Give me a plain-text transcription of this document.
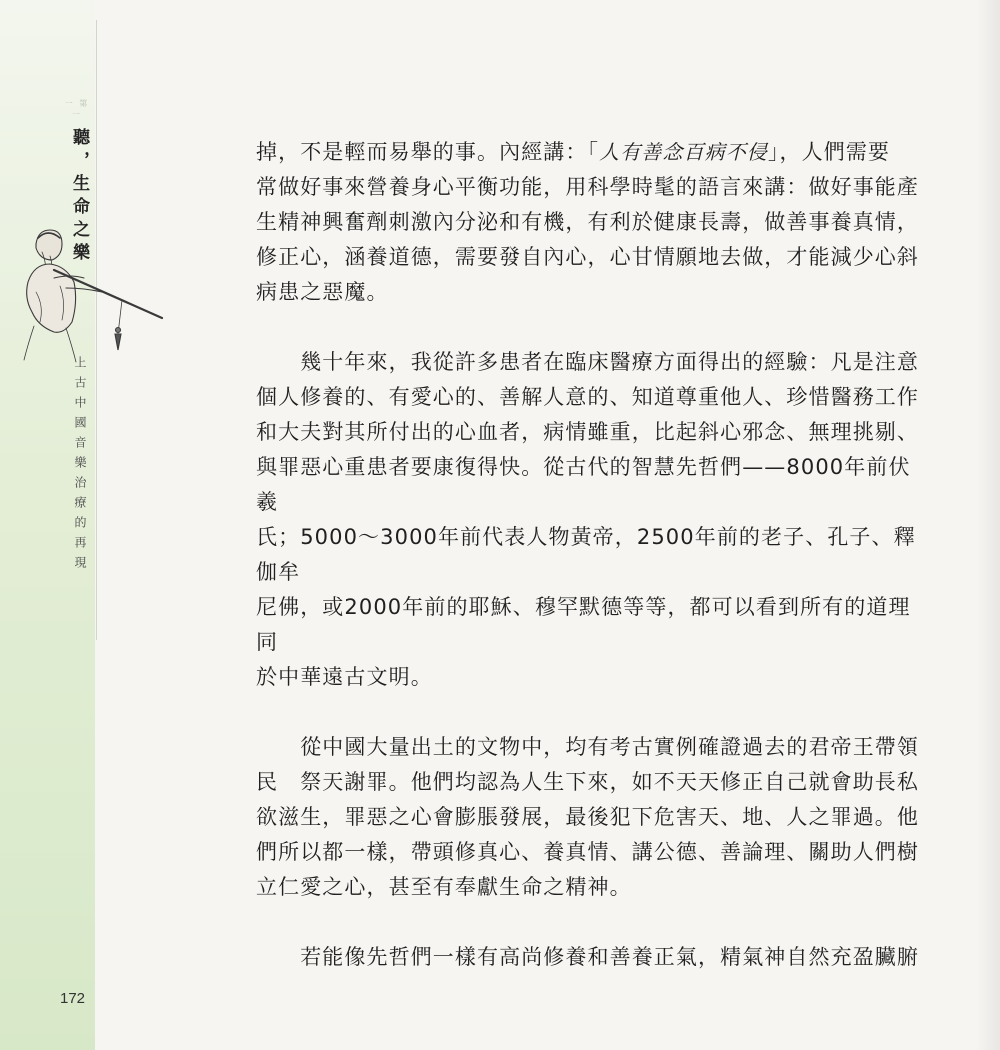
一 第 一
聽，生命之樂
上古中國音樂治療的再現
172
掉，不是輕而易舉的事。內經講：「人有善念百病不侵」，人們需要
常做好事來營養身心平衡功能，用科學時髦的語言來講：做好事能產
生精神興奮劑刺激內分泌和有機，有利於健康長壽，做善事養真情，
修正心，涵養道德，需要發自內心，心甘情願地去做，才能減少心斜
病患之惡魔。
　　幾十年來，我從許多患者在臨床醫療方面得出的經驗：凡是注意
個人修養的、有愛心的、善解人意的、知道尊重他人、珍惜醫務工作
和大夫對其所付出的心血者，病情雖重，比起斜心邪念、無理挑剔、
與罪惡心重患者要康復得快。從古代的智慧先哲們——8000年前伏羲
氏；5000～3000年前代表人物黃帝，2500年前的老子、孔子、釋伽牟
尼佛，或2000年前的耶穌、穆罕默德等等，都可以看到所有的道理同
於中華遠古文明。
　　從中國大量出土的文物中，均有考古實例確證過去的君帝王帶領
民　祭天謝罪。他們均認為人生下來，如不天天修正自己就會助長私
欲滋生，罪惡之心會膨脹發展，最後犯下危害天、地、人之罪過。他
們所以都一樣，帶頭修真心、養真情、講公德、善論理、關助人們樹
立仁愛之心，甚至有奉獻生命之精神。
　　若能像先哲們一樣有高尚修養和善養正氣，精氣神自然充盈臟腑
